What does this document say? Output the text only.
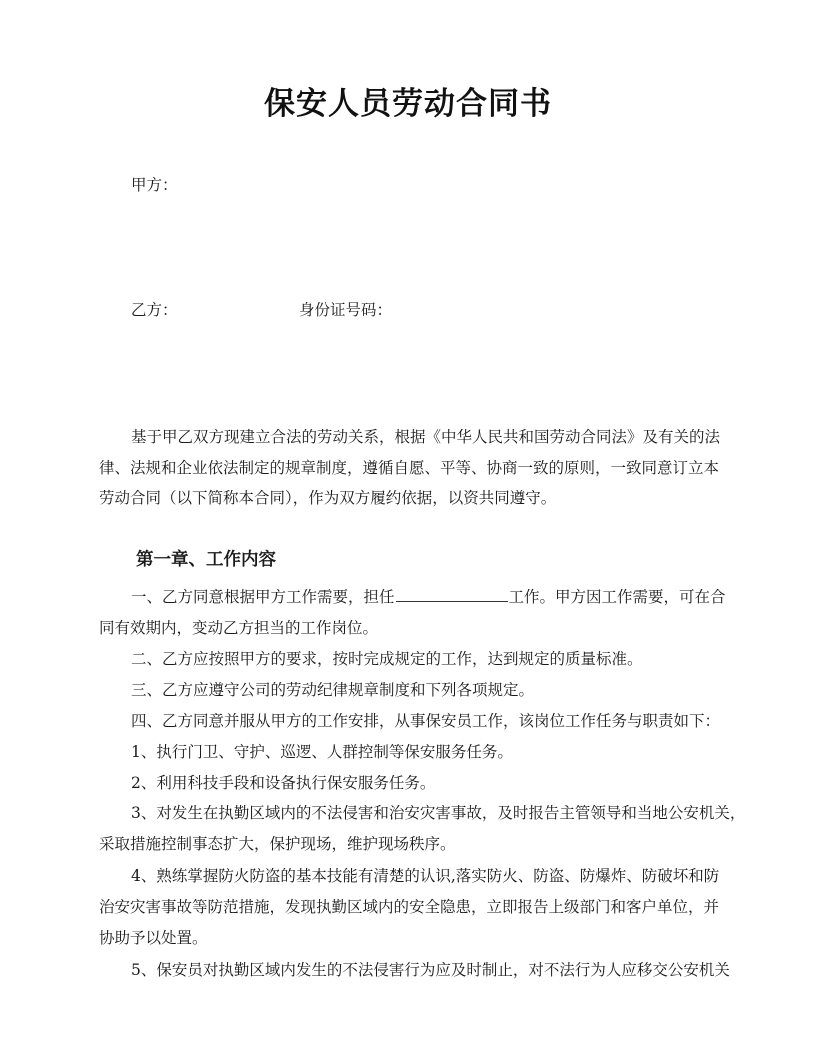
保安人员劳动合同书
甲方：
乙方：	身份证号码：
基于甲乙双方现建立合法的劳动关系，根据《中华人民共和国劳动合同法》及有关的法
律、法规和企业依法制定的规章制度，遵循自愿、平等、协商一致的原则，一致同意订立本
劳动合同（以下简称本合同），作为双方履约依据，以资共同遵守。
第一章、工作内容
一、乙方同意根据甲方工作需要，担任	工作。甲方因工作需要，可在合
同有效期内，变动乙方担当的工作岗位。
二、乙方应按照甲方的要求，按时完成规定的工作，达到规定的质量标准。
三、乙方应遵守公司的劳动纪律规章制度和下列各项规定。
四、乙方同意并服从甲方的工作安排，从事保安员工作，该岗位工作任务与职责如下：
1、执行门卫、守护、巡逻、人群控制等保安服务任务。
2、利用科技手段和设备执行保安服务任务。
3、对发生在执勤区域内的不法侵害和治安灾害事故，及时报告主管领导和当地公安机关，
采取措施控制事态扩大，保护现场，维护现场秩序。
4、熟练掌握防火防盗的基本技能有清楚的认识,落实防火、防盗、防爆炸、防破坏和防
治安灾害事故等防范措施，发现执勤区域内的安全隐患，立即报告上级部门和客户单位，并
协助予以处置。
5、保安员对执勤区域内发生的不法侵害行为应及时制止，对不法行为人应移交公安机关
